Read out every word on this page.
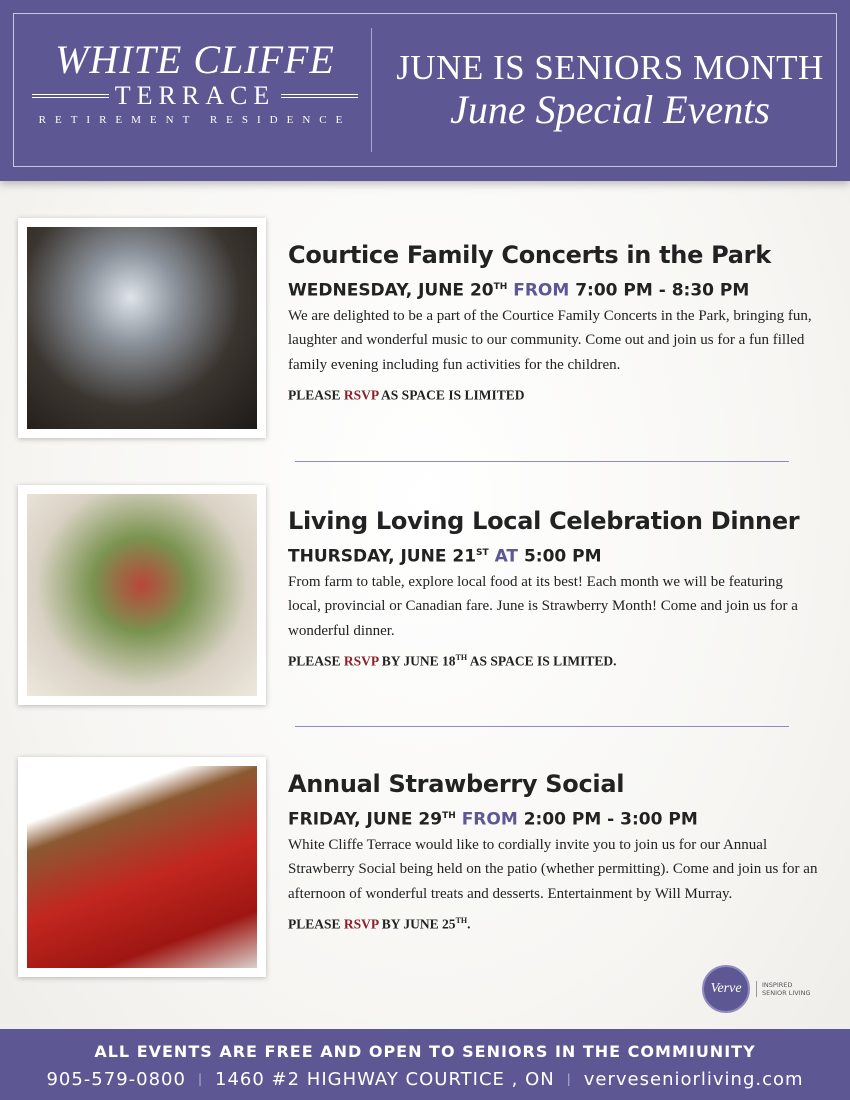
WHITE CLIFFE
TERRACE
RETIREMENT RESIDENCE
JUNE IS SENIORS MONTH
June Special Events
Courtice Family Concerts in the Park
WEDNESDAY, JUNE 20TH FROM 7:00 PM - 8:30 PM

We are delighted to be a part of the Courtice Family Concerts in the Park, bringing fun, laughter and wonderful music to our community. Come out and join us for a fun filled family evening including fun activities for the children.

PLEASE RSVP AS SPACE IS LIMITED
Living Loving Local Celebration Dinner
THURSDAY, JUNE 21ST AT 5:00 PM

From farm to table, explore local food at its best! Each month we will be featuring local, provincial or Canadian fare. June is Strawberry Month! Come and join us for a wonderful dinner.

PLEASE RSVP BY JUNE 18TH AS SPACE IS LIMITED.
Annual Strawberry Social
FRIDAY, JUNE 29TH FROM 2:00 PM - 3:00 PM

White Cliffe Terrace would like to cordially invite you to join us for our Annual Strawberry Social being held on the patio (whether permitting). Come and join us for an afternoon of wonderful treats and desserts. Entertainment by Will Murray.

PLEASE RSVP BY JUNE 25TH.
Verve	INSPIRED
SENIOR LIVING
ALL EVENTS ARE FREE AND OPEN TO SENIORS IN THE COMMIUNITY
905-579-0800 | 1460 #2 HIGHWAY COURTICE , ON | verveseniorliving.com
